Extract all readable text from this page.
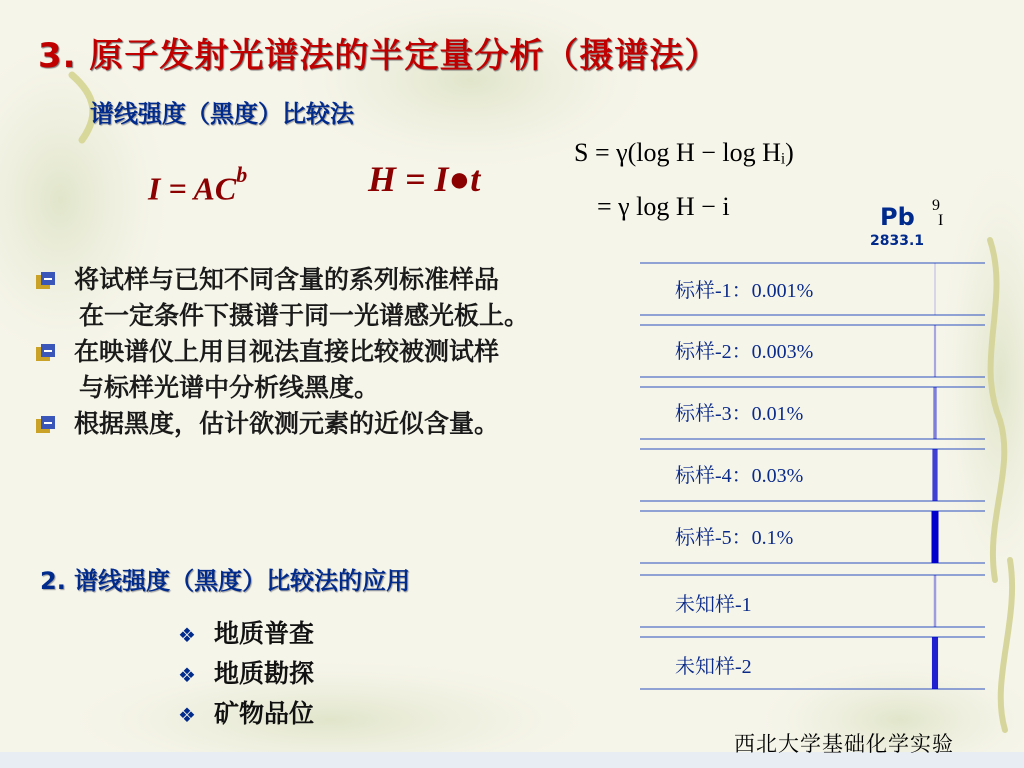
3. 原子发射光谱法的半定量分析（摄谱法）
谱线强度（黑度）比较法
$I = AC^b$	H = I●t
S = γ(log H − log Hᵢ)
= γ log H − i
将试样与已知不同含量的系列标准样品
在一定条件下摄谱于同一光谱感光板上。
在映谱仪上用目视法直接比较被测试样
与标样光谱中分析线黑度。
根据黑度，估计欲测元素的近似含量。
2. 谱线强度（黑度）比较法的应用
❖ 地质普查
❖ 地质勘探
❖ 矿物品位
Pb 9
I
2833.1
标样-1：0.001%
标样-2：0.003%
标样-3：0.01%
标样-4：0.03%
标样-5：0.1%
未知样-1
未知样-2
西北大学基础化学实验
